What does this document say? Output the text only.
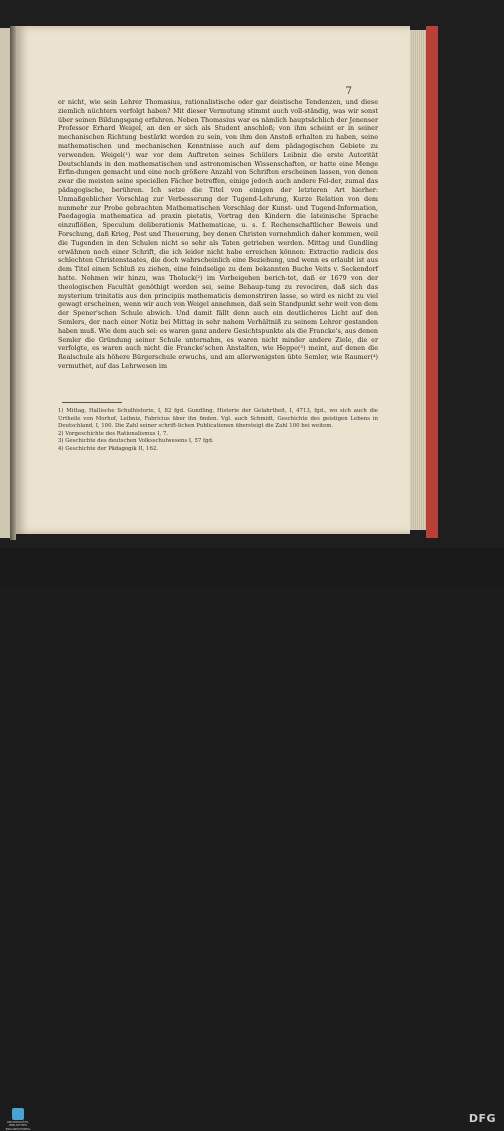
7
er nicht, wie sein Lehrer Thomasius, rationalistische oder gar deistische Tendenzen, und diese ziemlich nüchtern verfolgt haben? Mit dieser Vermutung stimmt auch voll-ständig, was wir sonst über seinen Bildungsgang erfahren. Neben Thomasius war es nämlich hauptsächlich der Jenenser Professor Erhard Weigel, an den er sich als Student anschloß; von ihm scheint er in seiner mechanischen Richtung bestärkt worden zu sein, von ihm den Anstoß erhalten zu haben, seine mathematischen und mechanischen Kenntnisse auch auf dem pädagogischen Gebiete zu verwenden. Weigel(¹) war vor dem Auftreten seines Schülers Leibniz die erste Autorität Deutschlands in den mathematischen und astronomischen Wissenschaften, er hatte eine Menge Erfin-dungen gemacht und eine noch größere Anzahl von Schriften erscheinen lassen, von denen zwar die meisten seine speciellen Fächer betreffen, einige jedoch auch andere Fel-der, zumal das pädagogische, berühren. Ich setze die Titel von einigen der letzteren Art hierher: Unmaßgeblicher Vorschlag zur Verbesserung der Tugend-Lehrung, Kurze Relation von dem nunmehr zur Probe gebrachten Mathematischen Vorschlag der Kunst- und Tugend-Information, Paedagogia mathematica ad praxin pietatis, Vortrag den Kindern die lateinische Sprache einzuflößen, Speculum deliberationis Mathematicae, u. s. f. Rechenschaftlicher Beweis und Forschung, daß Krieg, Pest und Theuerung, bey denen Christen vornehmlich daher kommen, weil die Tugenden in den Schulen nicht so sehr als Taten getrieben werden. Mittag und Gundling erwähnen noch einer Schrift, die ich leider nicht habe erreichen können: Extractio radicis des schlechten Christenstaates, die doch wahrscheinlich eine Beziehung, und wenn es erlaubt ist aus dem Titel einen Schluß zu ziehen, eine feindselige zu dem bekannten Buche Veits v. Seckendorf hatte. Nehmen wir hinzu, was Tholuck(²) im Vorbeigehen berich-tet, daß er 1679 von der theologischen Facultät genöthigt worden sei, seine Behaup-tung zu revociren, daß sich das mysterium trinitatis aus den principiis mathematicis demonstriren lasse, so wird es nicht zu viel gewagt erscheinen, wenn wir auch von Weigel annehmen, daß sein Standpunkt sehr weit von dem der Spener'schen Schule abwich. Und damit fällt denn auch ein deutlicheres Licht auf den Semlers, der nach einer Notiz bei Mittag in sehr nahem Verhältniß zu seinem Lehrer gestanden haben muß. Wie dem auch sei: es waren ganz andere Gesichtspunkte als die Francke's, aus denen Semler die Gründung seiner Schule unternahm, es waren nicht minder andere Ziele, die er verfolgte, es waren auch nicht die Francke'schen Anstalten, wie Heppe(³) meint, auf denen die Realschule als höhere Bürgerschule erwuchs, und am allerwenigsten übte Semler, wie Raumer(⁴) vermuthet, auf das Lehrwesen im
1) Mittag, Hallische Schulhistorie, I, 82 fgd. Gundling, Historie der Gelahrtheit, I, 4713, fgd., wo sich auch die Urtheile von Morhof, Leibniz, Fabricius über ihn finden. Vgl. auch Schmidt, Geschichte des geistigen Lebens in Deutschland, I, 100. Die Zahl seiner schrift-lichen Publicationen übersteigt die Zahl 100 bei weitem.
2) Vorgeschichte des Rationalismus I, 7.
3) Geschichte des deutschen Volksschulwesens I, 57 fgd.
4) Geschichte der Pädagogik II, 162.
UNIVERSITÄTS-BIBLIOTHEK BRAUNSCHWEIG
DFG
